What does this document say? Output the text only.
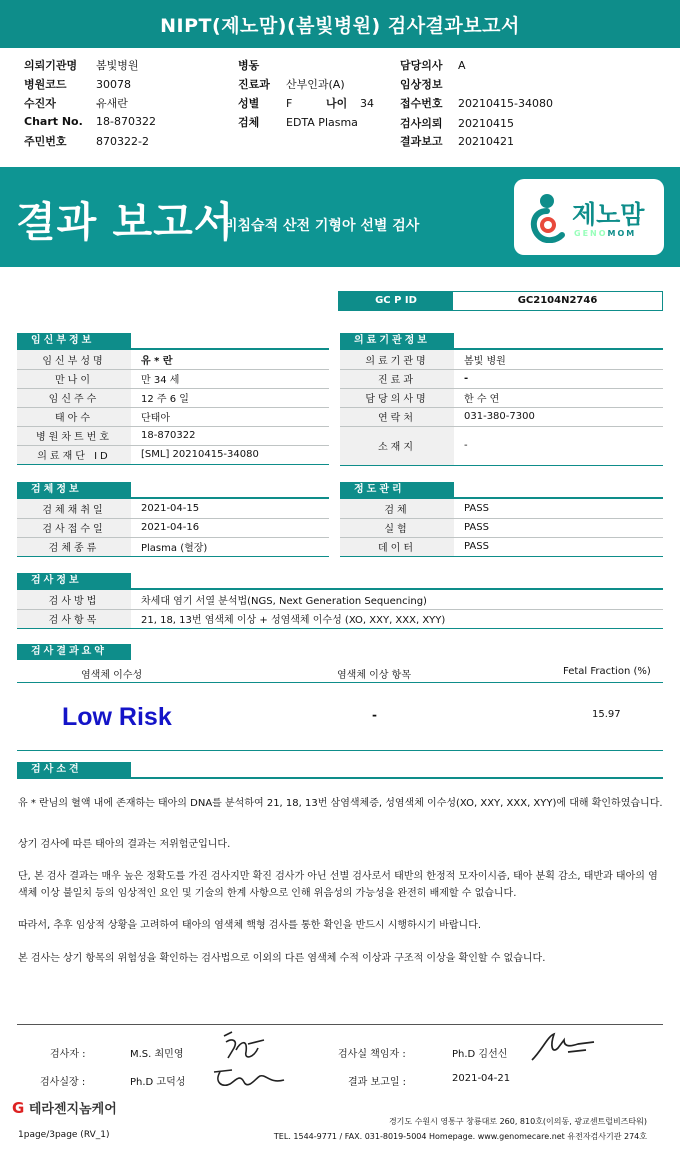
NIPT(제노맘)(봄빛병원) 검사결과보고서
의뢰기관명 봄빛병원
병원코드	30078
수진자	유새란
Chart No. 18-870322
주민번호	870322-2
병동
진료과 산부인과(A)
성별 F	나이 34
검체 EDTA Plasma
담당의사 A
임상정보
접수번호 20210415-34080
검사의뢰 20210415
결과보고 20210421
결과 보고서
비침습적 산전 기형아 선별 검사	제노맘
GENOMOM
GC P ID	GC2104N2746
임신부정보
임신부성명	유 * 란
만나이	만 34 세
임신주수	12 주 6 일
태아수	단태아
병원차트번호	18-870322
의료재단 ID	[SML] 20210415-34080
의료기관정보
의료기관명	봄빛 병원
진료과	-
담당의사명	한 수 연
연락처	031-380-7300
소재지	-
검체정보
검체채취일	2021-04-15
검사접수일	2021-04-16
검체종류	Plasma (혈장)
정도관리
검체	PASS
실험	PASS
데이터	PASS
검사정보
검사방법	차세대 염기 서열 분석법(NGS, Next Generation Sequencing)
검사항목	21, 18, 13번 염색체 이상 + 성염색체 이수성 (XO, XXY, XXX, XYY)
검사결과요약
염색체 이수성	염색체 이상 항목	Fetal Fraction (%)
Low Risk	-	15.97
검사소견
유 * 란님의 혈액 내에 존재하는 태아의 DNA를 분석하여 21, 18, 13번 삼염색체증, 성염색체 이수성(XO, XXY, XXX, XYY)에 대해 확인하였습니다.
상기 검사에 따른 태아의 결과는 저위험군입니다.
단, 본 검사 결과는 매우 높은 정확도를 가진 검사지만 확진 검사가 아닌 선별 검사로서 태반의 한정적 모자이시즘, 태아 분획 감소, 태반과 태아의 염색체 이상 불일치 등의 임상적인 요인 및 기술의 한계 사항으로 인해 위음성의 가능성을 완전히 배제할 수 없습니다.
따라서, 추후 임상적 상황을 고려하여 태아의 염색체 핵형 검사를 통한 확인을 반드시 시행하시기 바랍니다.
본 검사는 상기 항목의 위험성을 확인하는 검사법으로 이외의 다른 염색체 수적 이상과 구조적 이상을 확인할 수 없습니다.
검사자 :	M.S. 최민영	검사실 책임자 :	Ph.D 김선신
검사실장 :	Ph.D 고덕성	결과 보고일 :	2021-04-21
G 테라젠지놈케어
경기도 수원시 영통구 창룡대로 260, 810호(이의동, 광교센트럴비즈타워)
TEL. 1544-9771 / FAX. 031-8019-5004 Homepage. www.genomecare.net 유전자검사기관 274호
1page/3page (RV_1)
